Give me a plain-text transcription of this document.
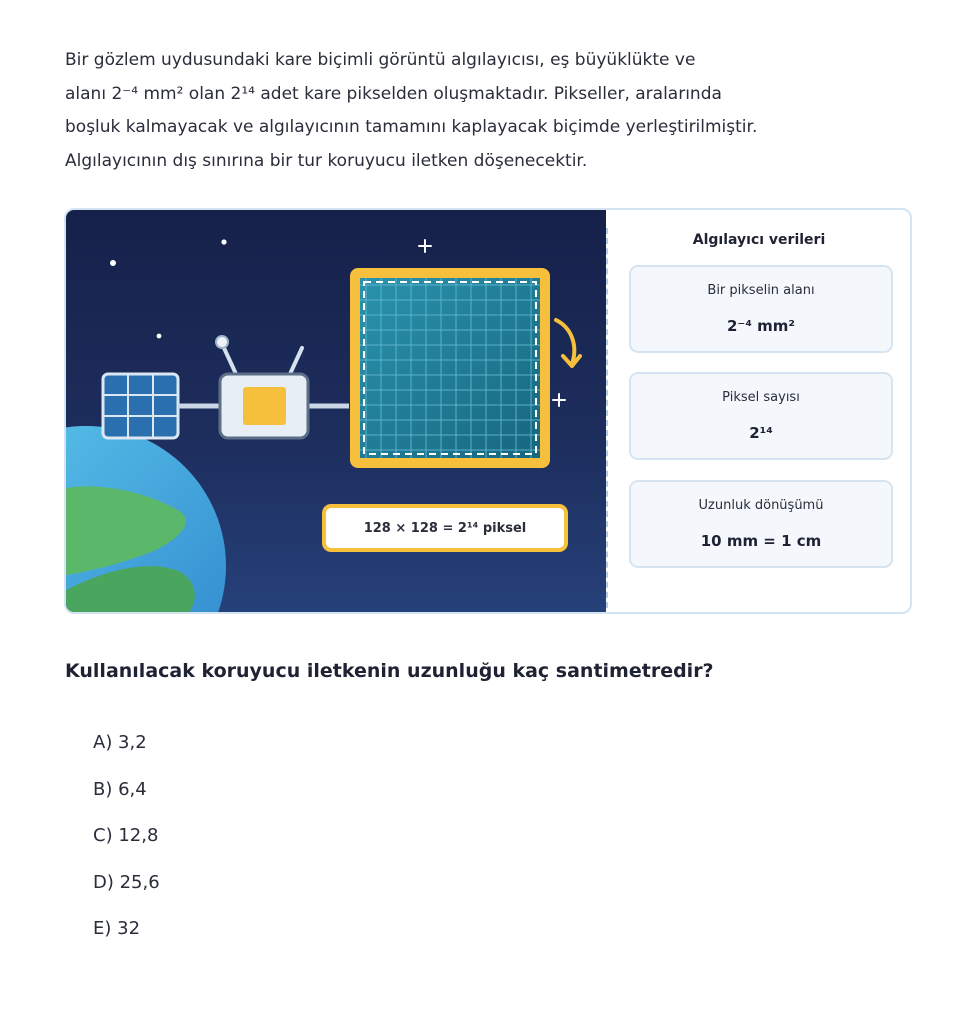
Bir gözlem uydusundaki kare biçimli görüntü algılayıcısı, eş büyüklükte ve

alanı 2⁻⁴ mm² olan 2¹⁴ adet kare pikselden oluşmaktadır. Pikseller, aralarında

boşluk kalmayacak ve algılayıcının tamamını kaplayacak biçimde yerleştirilmiştir.

Algılayıcının dış sınırına bir tur koruyucu iletken döşenecektir.

128 × 128 = 2¹⁴ piksel
Algılayıcı verileri
Bir pikselin alanı
2⁻⁴ mm²
Piksel sayısı
2¹⁴
Uzunluk dönüşümü
10 mm = 1 cm
Kullanılacak koruyucu iletkenin uzunluğu kaç santimetredir?
A) 3,2
B) 6,4
C) 12,8
D) 25,6
E) 32
